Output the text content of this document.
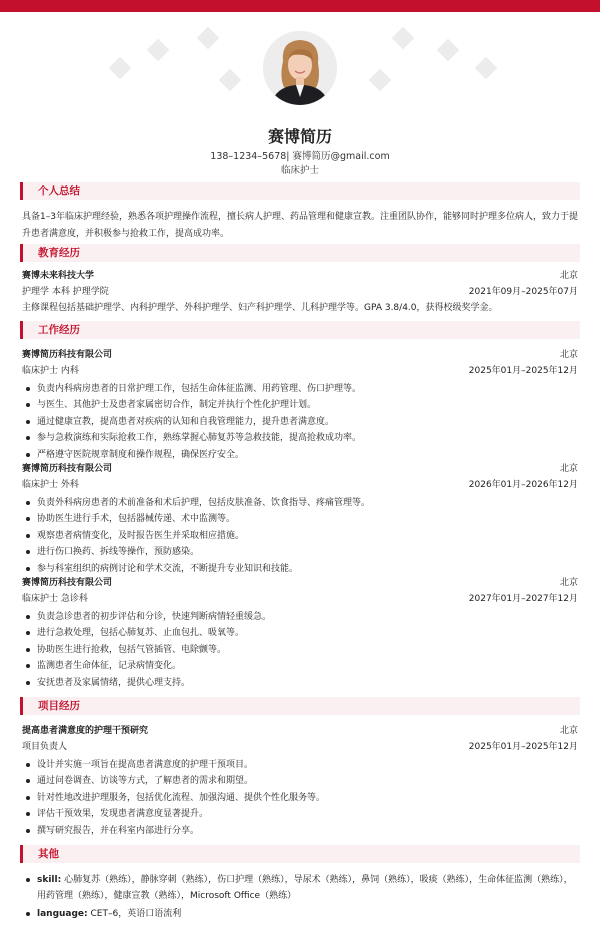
赛博简历
138–1234–5678| 赛博简历@gmail.com
临床护士
个人总结
具备1–3年临床护理经验，熟悉各项护理操作流程，擅长病人护理、药品管理和健康宣教。注重团队协作，能够同时护理多位病人，致力于提升患者满意度，并积极参与抢救工作，提高成功率。
教育经历
赛博未来科技大学	北京
护理学 本科 护理学院	2021年09月–2025年07月
主修课程包括基础护理学、内科护理学、外科护理学、妇产科护理学、儿科护理学等。GPA 3.8/4.0，获得校级奖学金。
工作经历
赛博简历科技有限公司	北京
临床护士 内科	2025年01月–2025年12月
负责内科病房患者的日常护理工作，包括生命体征监测、用药管理、伤口护理等。
与医生、其他护士及患者家属密切合作，制定并执行个性化护理计划。
通过健康宣教，提高患者对疾病的认知和自我管理能力，提升患者满意度。
参与急救演练和实际抢救工作，熟练掌握心肺复苏等急救技能，提高抢救成功率。
严格遵守医院规章制度和操作规程，确保医疗安全。
赛博简历科技有限公司	北京
临床护士 外科	2026年01月–2026年12月
负责外科病房患者的术前准备和术后护理，包括皮肤准备、饮食指导、疼痛管理等。
协助医生进行手术，包括器械传递、术中监测等。
观察患者病情变化，及时报告医生并采取相应措施。
进行伤口换药、拆线等操作，预防感染。
参与科室组织的病例讨论和学术交流，不断提升专业知识和技能。
赛博简历科技有限公司	北京
临床护士 急诊科	2027年01月–2027年12月
负责急诊患者的初步评估和分诊，快速判断病情轻重缓急。
进行急救处理，包括心肺复苏、止血包扎、吸氧等。
协助医生进行抢救，包括气管插管、电除颤等。
监测患者生命体征，记录病情变化。
安抚患者及家属情绪，提供心理支持。
项目经历
提高患者满意度的护理干预研究	北京
项目负责人	2025年01月–2025年12月
设计并实施一项旨在提高患者满意度的护理干预项目。
通过问卷调查、访谈等方式，了解患者的需求和期望。
针对性地改进护理服务，包括优化流程、加强沟通、提供个性化服务等。
评估干预效果，发现患者满意度显著提升。
撰写研究报告，并在科室内部进行分享。
其他
skill: 心肺复苏（熟练），静脉穿刺（熟练），伤口护理（熟练），导尿术（熟练），鼻饲（熟练），吸痰（熟练），生命体征监测（熟练），用药管理（熟练），健康宣教（熟练），Microsoft Office（熟练）
language: CET–6，英语口语流利
